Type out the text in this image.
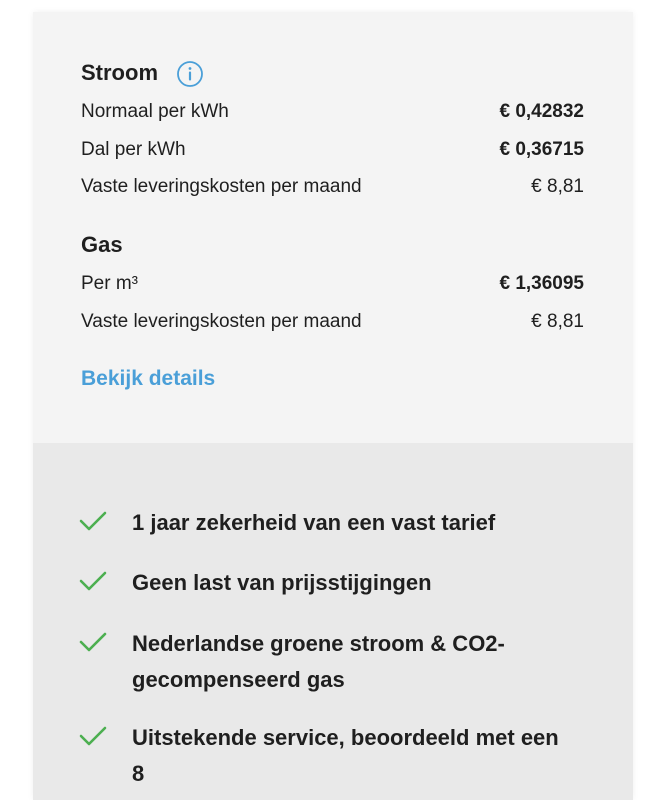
Stroom
Normaal per kWh	€ 0,42832
Dal per kWh	€ 0,36715
Vaste leveringskosten per maand	€ 8,81
Gas
Per m³	€ 1,36095
Vaste leveringskosten per maand	€ 8,81
Bekijk details
1 jaar zekerheid van een vast tarief
Geen last van prijsstijgingen
Nederlandse groene stroom & CO2-gecompenseerd gas
Uitstekende service, beoordeeld met een 8
